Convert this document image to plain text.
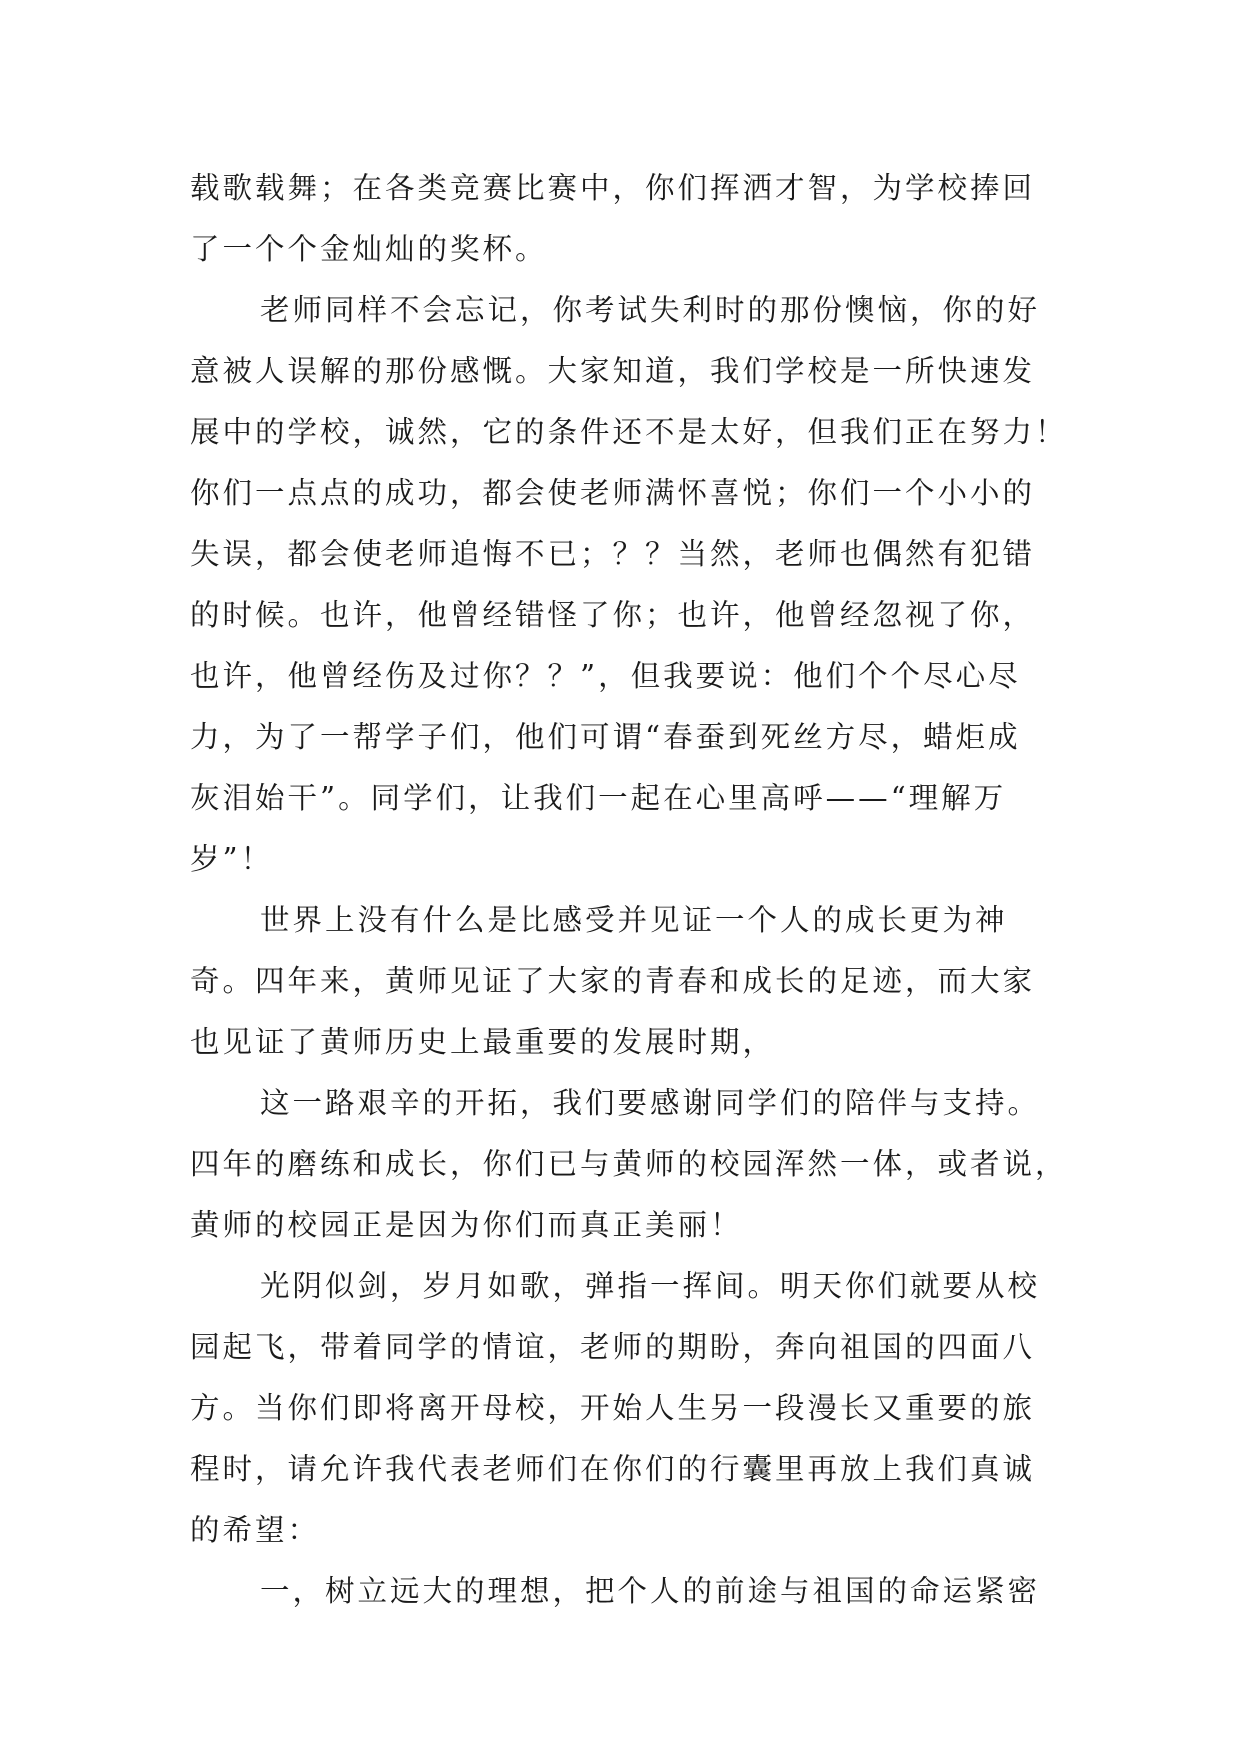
载歌载舞；在各类竞赛比赛中，你们挥洒才智，为学校捧回
了一个个金灿灿的奖杯。
老师同样不会忘记，你考试失利时的那份懊恼，你的好
意被人误解的那份感慨。大家知道，我们学校是一所快速发
展中的学校，诚然，它的条件还不是太好，但我们正在努力！
你们一点点的成功，都会使老师满怀喜悦；你们一个小小的
失误，都会使老师追悔不已；？？当然，老师也偶然有犯错
的时候。也许，他曾经错怪了你；也许，他曾经忽视了你，
也许，他曾经伤及过你？？”，但我要说：他们个个尽心尽
力，为了一帮学子们，他们可谓“春蚕到死丝方尽，蜡炬成
灰泪始干”。同学们，让我们一起在心里高呼——“理解万
岁”！
世界上没有什么是比感受并见证一个人的成长更为神
奇。四年来，黄师见证了大家的青春和成长的足迹，而大家
也见证了黄师历史上最重要的发展时期，
这一路艰辛的开拓，我们要感谢同学们的陪伴与支持。
四年的磨练和成长，你们已与黄师的校园浑然一体，或者说，
黄师的校园正是因为你们而真正美丽！
光阴似剑，岁月如歌，弹指一挥间。明天你们就要从校
园起飞，带着同学的情谊，老师的期盼，奔向祖国的四面八
方。当你们即将离开母校，开始人生另一段漫长又重要的旅
程时，请允许我代表老师们在你们的行囊里再放上我们真诚
的希望：
一，树立远大的理想，把个人的前途与祖国的命运紧密
